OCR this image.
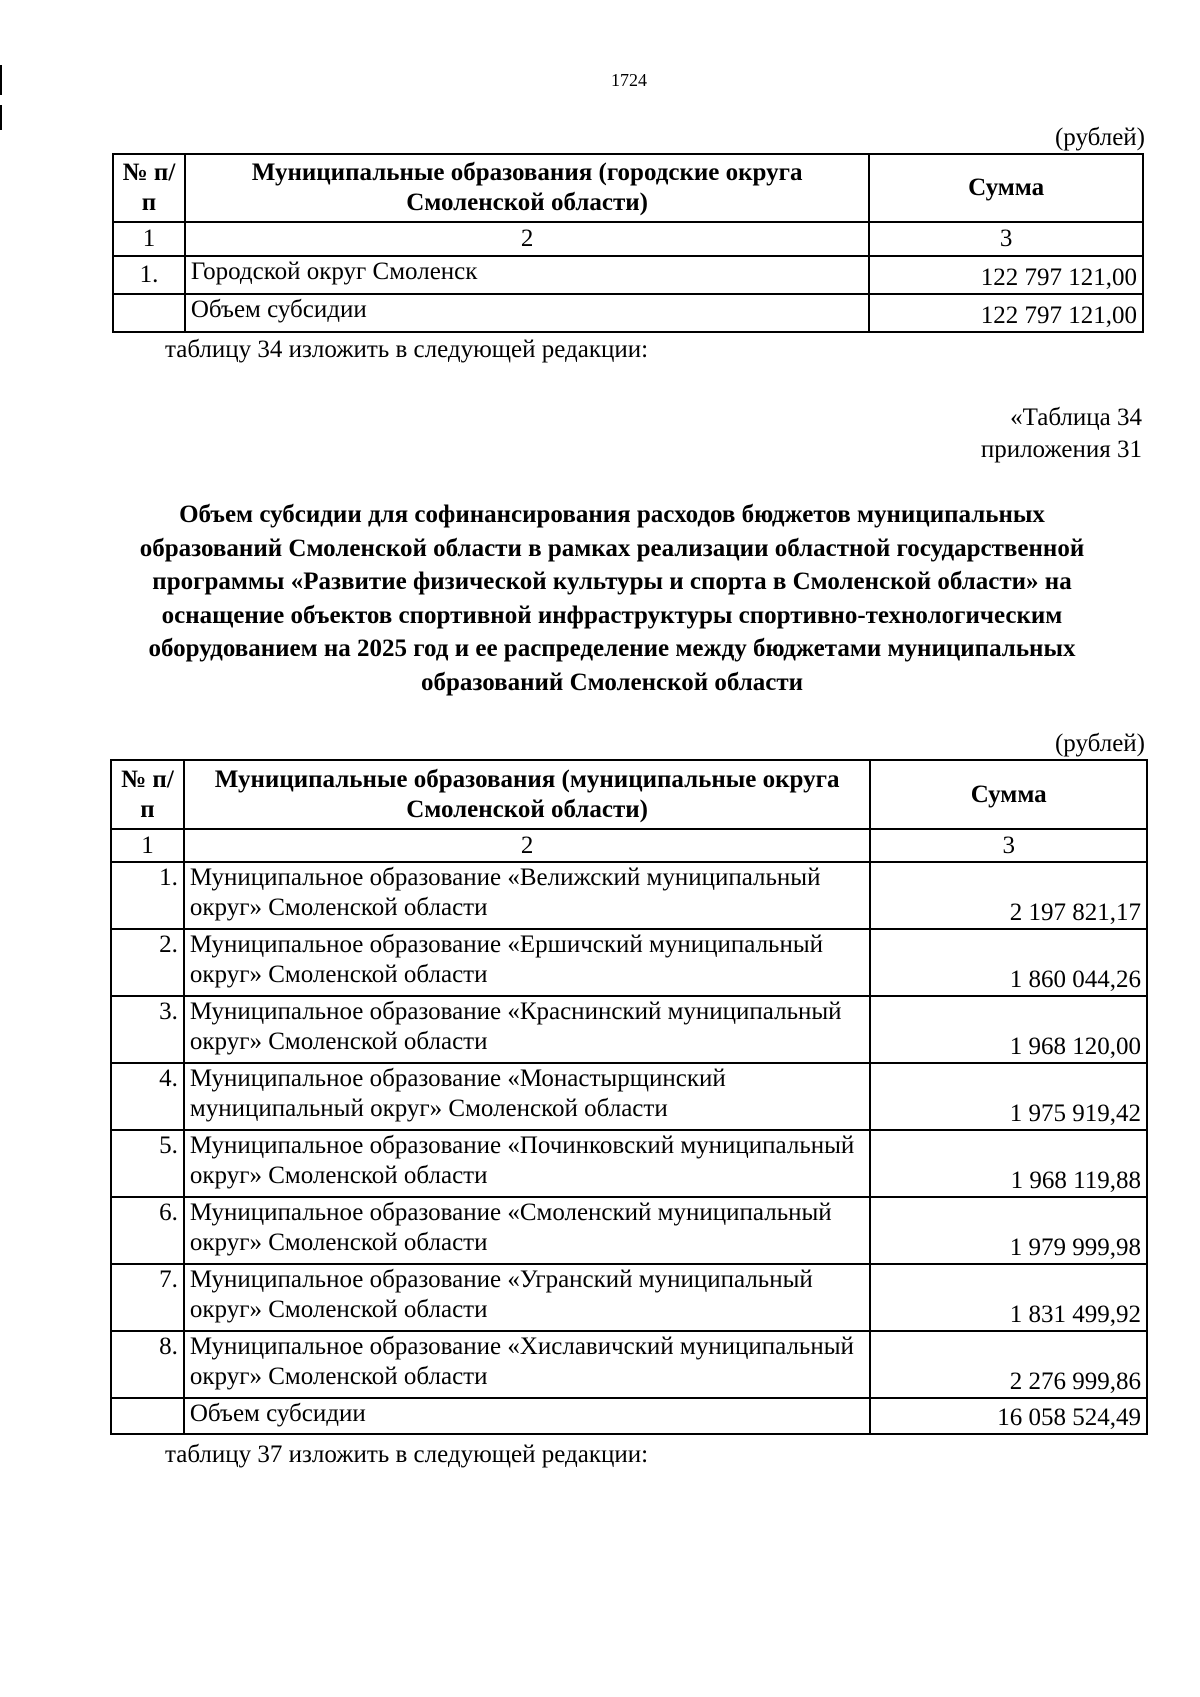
1724
(рублей)
№ п/п	Муниципальные образования (городские округа Смоленской области)	Сумма
1	2	3
1.	Городской округ Смоленск	122 797 121,00
	Объем субсидии	122 797 121,00
таблицу 34 изложить в следующей редакции:
«Таблица 34
приложения 31
Объем субсидии для софинансирования расходов бюджетов муниципальных образований Смоленской области в рамках реализации областной государственной программы «Развитие физической культуры и спорта в Смоленской области» на оснащение объектов спортивной инфраструктуры спортивно-технологическим оборудованием на 2025 год и ее распределение между бюджетами муниципальных образований Смоленской области
(рублей)
№ п/п	Муниципальные образования (муниципальные округа Смоленской области)	Сумма
1	2	3
1.	Муниципальное образование «Велижский муниципальный округ» Смоленской области	2 197 821,17
2.	Муниципальное образование «Ершичский муниципальный округ» Смоленской области	1 860 044,26
3.	Муниципальное образование «Краснинский муниципальный округ» Смоленской области	1 968 120,00
4.	Муниципальное образование «Монастырщинский муниципальный округ» Смоленской области	1 975 919,42
5.	Муниципальное образование «Починковский муниципальный округ» Смоленской области	1 968 119,88
6.	Муниципальное образование «Смоленский муниципальный округ» Смоленской области	1 979 999,98
7.	Муниципальное образование «Угранский муниципальный округ» Смоленской области	1 831 499,92
8.	Муниципальное образование «Хиславичский муниципальный округ» Смоленской области	2 276 999,86
	Объем субсидии	16 058 524,49
таблицу 37 изложить в следующей редакции:
